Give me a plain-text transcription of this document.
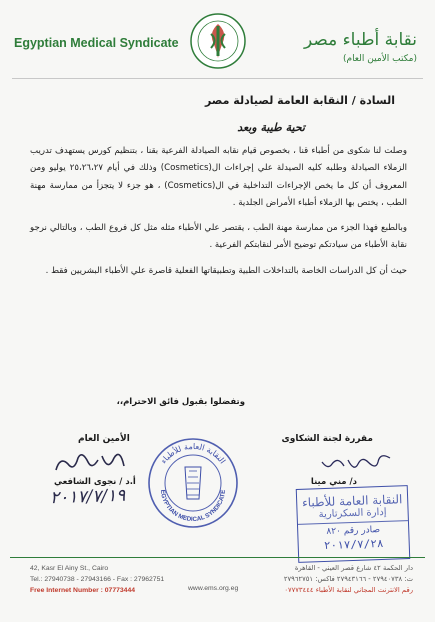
Egyptian Medical Syndicate	نقابة أطباء مصر
(مكتب الأمين العام)
السادة / النقابة العامة لصيادلة مصر
تحية طيبة وبعد

وصلت لنا شكوى من أطباء قنا ، بخصوص قيام نقابه الصيادلة الفرعية بقنا ، بتنظيم كورس يستهدف تدريب الزملاء الصيادلة وطلبه كليه الصيدلة علي إجراءات ال(Cosmetics) وذلك في أيام ٢٥،٢٦،٢٧ يوليو ومن المعروف أن كل ما يخص الإجراءات التداخلية في ال(Cosmetics) ، هو جزء لا يتجزأ من ممارسة مهنة الطب ، يختص بها الزملاء أطباء الأمراض الجلدية .

وبالطبع فهذا الجزء من ممارسة مهنة الطب ، يقتصر علي الأطباء مثله مثل كل فروع الطب ، وبالتالي نرجو نقابة الأطباء من سيادتكم توضيح الأمر لنقابتكم الفرعية .

حيث أن كل الدراسات الخاصة بالتداخلات الطبية وتطبيقاتها الفعلية قاصرة علي الأطباء البشريين فقط .

وتفضلوا بقبول فائق الاحترام،،
مقررة لجنة الشكاوى
د/ مني مينا
الأمين العام
أ.د / نجوى الشافعي
٢٠١٧/٧/١٩
النقابة العامة للأطباء
EGYPTIAN MEDICAL SYNDICATE
النقابة العامة للأطباء
إدارة السكرتارية
صادر رقم ٨٢٠
٢٠١٧/٧/٢٨
42, Kasr El Ainy St., Cairo
Tel.: 27940738 - 27943166 - Fax : 27962751
Free Internet Number : 07773444	www.ems.org.eg
دار الحكمة ٤٢ شارع قصر العيني - القاهرة
ت: ٢٧٩٤٠٧٣٨ - ٢٧٩٤٣١٦٦ فاكس: ٢٧٩٦٢٧٥١
رقم الانترنت المجاني لنقابة الأطباء ٠٧٧٧٣٤٤٤
